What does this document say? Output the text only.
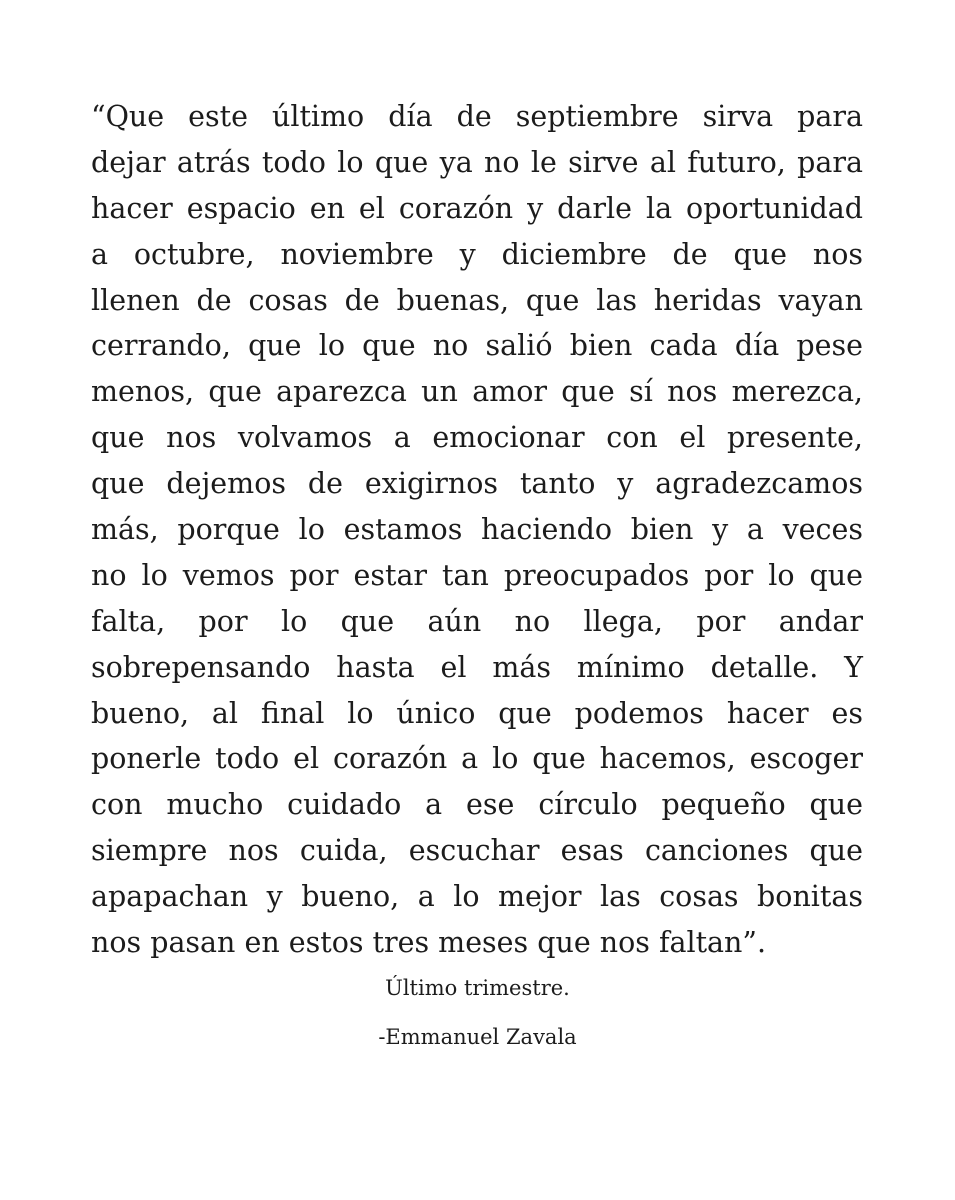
“Que este último día de septiembre sirva para
dejar atrás todo lo que ya no le sirve al futuro, para
hacer espacio en el corazón y darle la oportunidad
a octubre, noviembre y diciembre de que nos
llenen de cosas de buenas, que las heridas vayan
cerrando, que lo que no salió bien cada día pese
menos, que aparezca un amor que sí nos merezca,
que nos volvamos a emocionar con el presente,
que dejemos de exigirnos tanto y agradezcamos
más, porque lo estamos haciendo bien y a veces
no lo vemos por estar tan preocupados por lo que
falta, por lo que aún no llega, por andar
sobrepensando hasta el más mínimo detalle. Y
bueno, al final lo único que podemos hacer es
ponerle todo el corazón a lo que hacemos, escoger
con mucho cuidado a ese círculo pequeño que
siempre nos cuida, escuchar esas canciones que
apapachan y bueno, a lo mejor las cosas bonitas
nos pasan en estos tres meses que nos faltan”.
Último trimestre.
-Emmanuel Zavala
